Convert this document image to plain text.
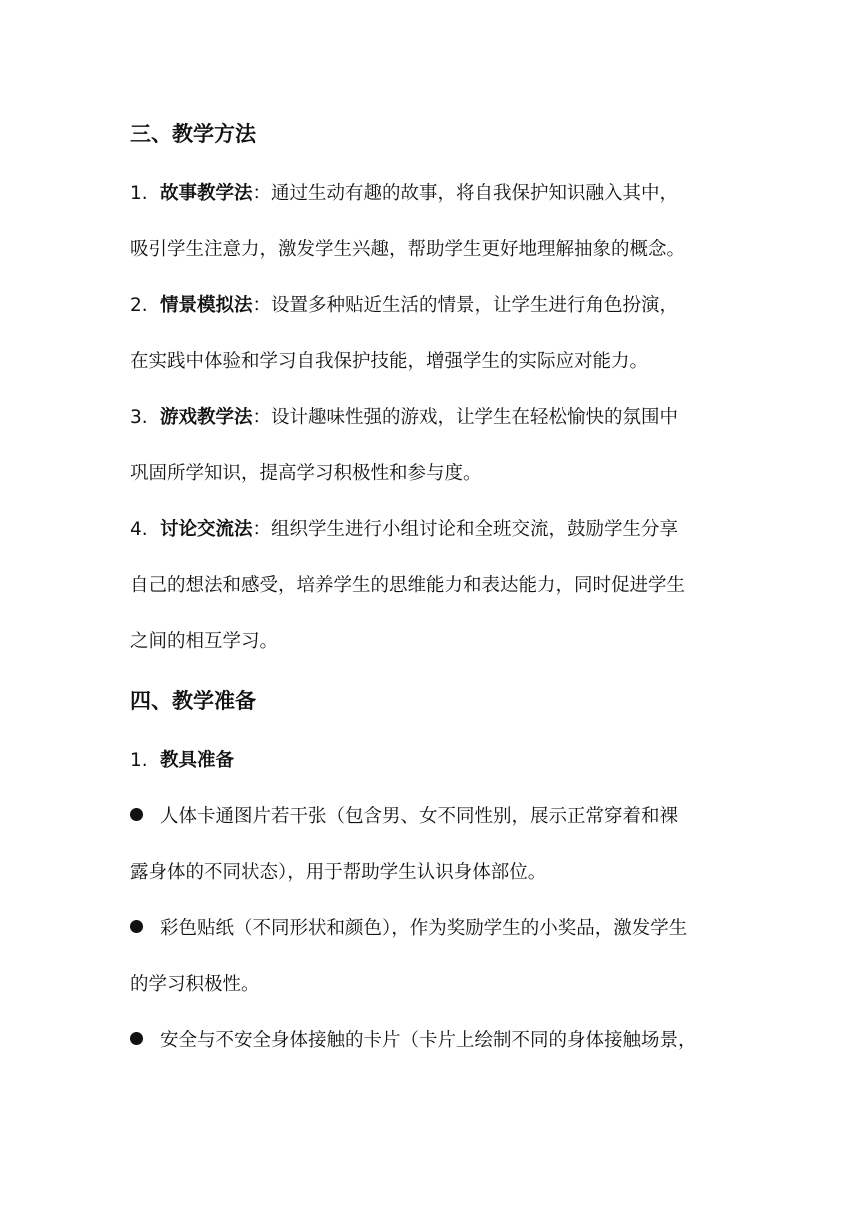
三、教学方法
1. 故事教学法：通过生动有趣的故事，将自我保护知识融入其中，
吸引学生注意力，激发学生兴趣，帮助学生更好地理解抽象的概念。
2. 情景模拟法：设置多种贴近生活的情景，让学生进行角色扮演，
在实践中体验和学习自我保护技能，增强学生的实际应对能力。
3. 游戏教学法：设计趣味性强的游戏，让学生在轻松愉快的氛围中
巩固所学知识，提高学习积极性和参与度。
4. 讨论交流法：组织学生进行小组讨论和全班交流，鼓励学生分享
自己的想法和感受，培养学生的思维能力和表达能力，同时促进学生
之间的相互学习。
四、教学准备
1. 教具准备
人体卡通图片若干张（包含男、女不同性别，展示正常穿着和裸
露身体的不同状态），用于帮助学生认识身体部位。
彩色贴纸（不同形状和颜色），作为奖励学生的小奖品，激发学生
的学习积极性。
安全与不安全身体接触的卡片（卡片上绘制不同的身体接触场景，
